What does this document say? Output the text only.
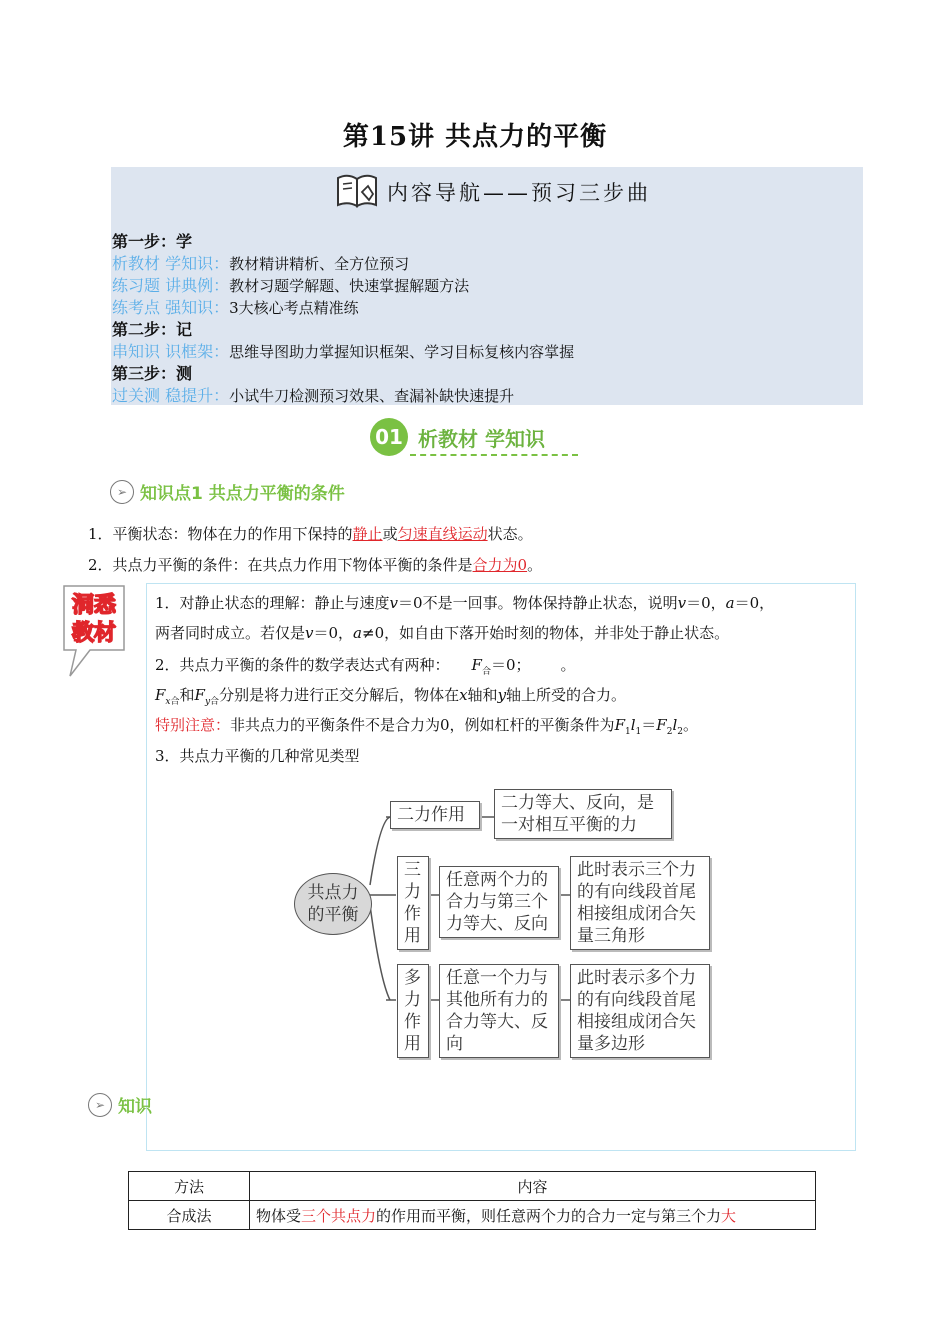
第15讲 共点力的平衡
内容导航——预习三步曲
第一步：学
析教材 学知识：教材精讲精析、全方位预习
练习题 讲典例：教材习题学解题、快速掌握解题方法
练考点 强知识：3大核心考点精准练
第二步：记
串知识 识框架：思维导图助力掌握知识框架、学习目标复核内容掌握
第三步：测
过关测 稳提升：小试牛刀检测预习效果、查漏补缺快速提升
01 析教材 学知识
➢ 知识点1 共点力平衡的条件
1．平衡状态：物体在力的作用下保持的静止或匀速直线运动状态。
2．共点力平衡的条件：在共点力作用下物体平衡的条件是合力为0。
洞悉
教材
1．对静止状态的理解：静止与速度v＝0不是一回事。物体保持静止状态，说明v＝0，a＝0，
两者同时成立。若仅是v＝0，a≠0，如自由下落开始时刻的物体，并非处于静止状态。
2．共点力平衡的条件的数学表达式有两种： $F_合=0$； 。
$F_{x合}$和$F_{y合}$分别是将力进行正交分解后，物体在x轴和y轴上所受的合力。
特别注意：非共点力的平衡条件不是合力为0，例如杠杆的平衡条件为$F_1l_1=F_2l_2$。
3．共点力平衡的几种常见类型
共点力的平衡
二力作用
二力等大、反向，是一对相互平衡的力
三力作用
任意两个力的合力与第三个力等大、反向
此时表示三个力的有向线段首尾相接组成闭合矢量三角形
多力作用
任意一个力与其他所有力的合力等大、反向
此时表示多个力的有向线段首尾相接组成闭合矢量多边形
➢ 知识
方法	内容
合成法	物体受三个共点力的作用而平衡，则任意两个力的合力一定与第三个力大
